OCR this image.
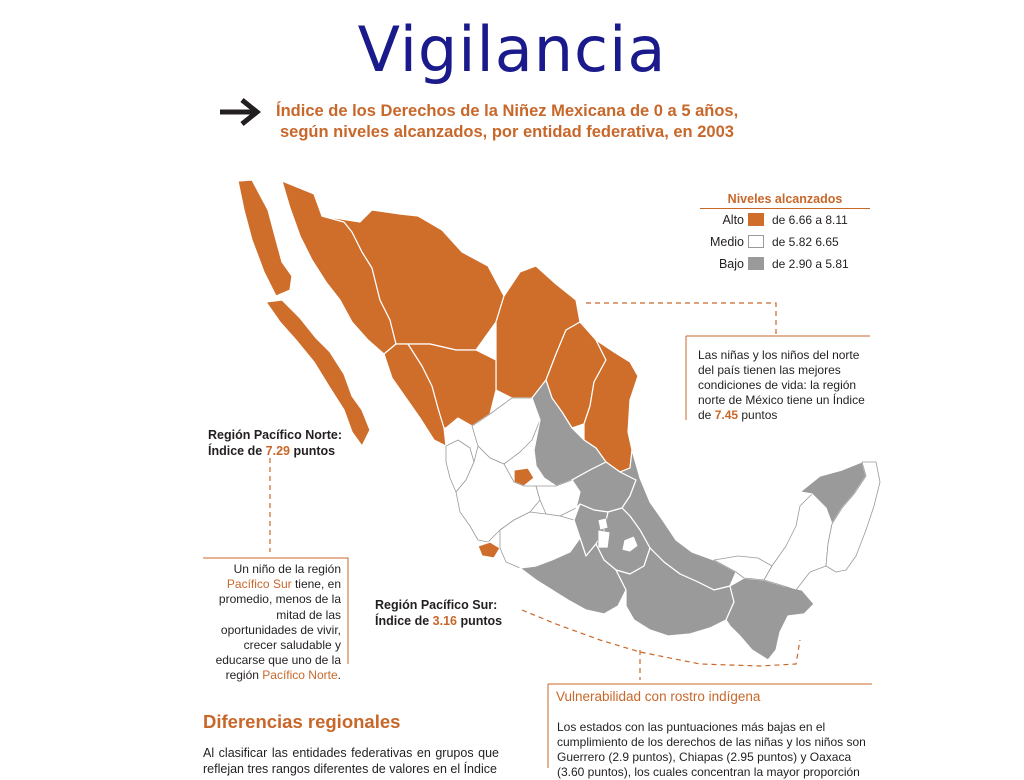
Vigilancia
Índice de los Derechos de la Niñez Mexicana de 0 a 5 años,
según niveles alcanzados, por entidad federativa, en 2003
Niveles alcanzados
Alto de 6.66 a 8.11
Medio de 5.82 6.65
Bajo de 2.90 a 5.81
Las niñas y los niños del norte del país tienen las mejores condiciones de vida: la región norte de México tiene un Índice de 7.45 puntos
Región Pacífico Norte:
Índice de 7.29 puntos
Un niño de la región Pacífico Sur tiene, en promedio, menos de la mitad de las oportunidades de vivir, crecer saludable y educarse que uno de la región Pacífico Norte.
Región Pacífico Sur:
Índice de 3.16 puntos
Vulnerabilidad con rostro indígena
Los estados con las puntuaciones más bajas en el cumplimiento de los derechos de las niñas y los niños son Guerrero (2.9 puntos), Chiapas (2.95 puntos) y Oaxaca (3.60 puntos), los cuales concentran la mayor proporción
Diferencias regionales
Al clasificar las entidades federativas en grupos que reflejan tres rangos diferentes de valores en el Índice
